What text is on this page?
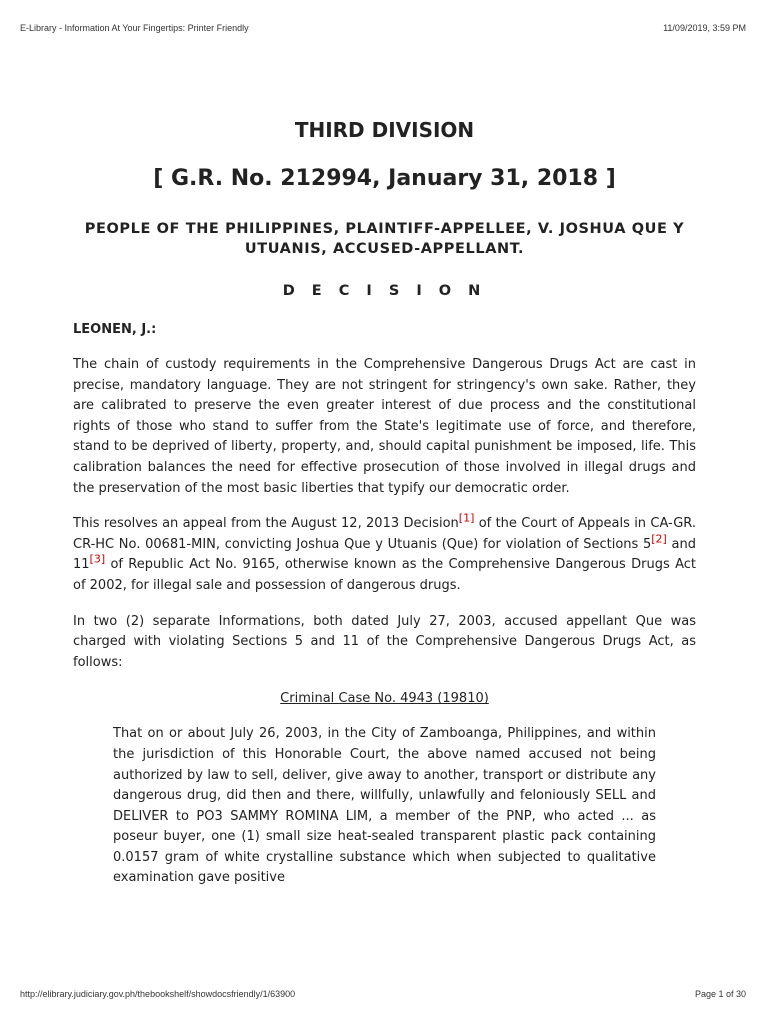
E-Library - Information At Your Fingertips: Printer Friendly	11/09/2019, 3:59 PM
THIRD DIVISION
[ G.R. No. 212994, January 31, 2018 ]
PEOPLE OF THE PHILIPPINES, PLAINTIFF-APPELLEE, V. JOSHUA QUE Y UTUANIS, ACCUSED-APPELLANT.
D E C I S I O N
LEONEN, J.:

The chain of custody requirements in the Comprehensive Dangerous Drugs Act are cast in precise, mandatory language. They are not stringent for stringency's own sake. Rather, they are calibrated to preserve the even greater interest of due process and the constitutional rights of those who stand to suffer from the State's legitimate use of force, and therefore, stand to be deprived of liberty, property, and, should capital punishment be imposed, life. This calibration balances the need for effective prosecution of those involved in illegal drugs and the preservation of the most basic liberties that typify our democratic order.

This resolves an appeal from the August 12, 2013 Decision[1] of the Court of Appeals in CA-GR. CR-HC No. 00681-MIN, convicting Joshua Que y Utuanis (Que) for violation of Sections 5[2] and 11[3] of Republic Act No. 9165, otherwise known as the Comprehensive Dangerous Drugs Act of 2002, for illegal sale and possession of dangerous drugs.

In two (2) separate Informations, both dated July 27, 2003, accused appellant Que was charged with violating Sections 5 and 11 of the Comprehensive Dangerous Drugs Act, as follows:

Criminal Case No. 4943 (19810)

That on or about July 26, 2003, in the City of Zamboanga, Philippines, and within the jurisdiction of this Honorable Court, the above named accused not being authorized by law to sell, deliver, give away to another, transport or distribute any dangerous drug, did then and there, willfully, unlawfully and feloniously SELL and DELIVER to PO3 SAMMY ROMINA LIM, a member of the PNP, who acted ... as poseur buyer, one (1) small size heat-sealed transparent plastic pack containing 0.0157 gram of white crystalline substance which when subjected to qualitative examination gave positive

http://elibrary.judiciary.gov.ph/thebookshelf/showdocsfriendly/1/63900	Page 1 of 30
